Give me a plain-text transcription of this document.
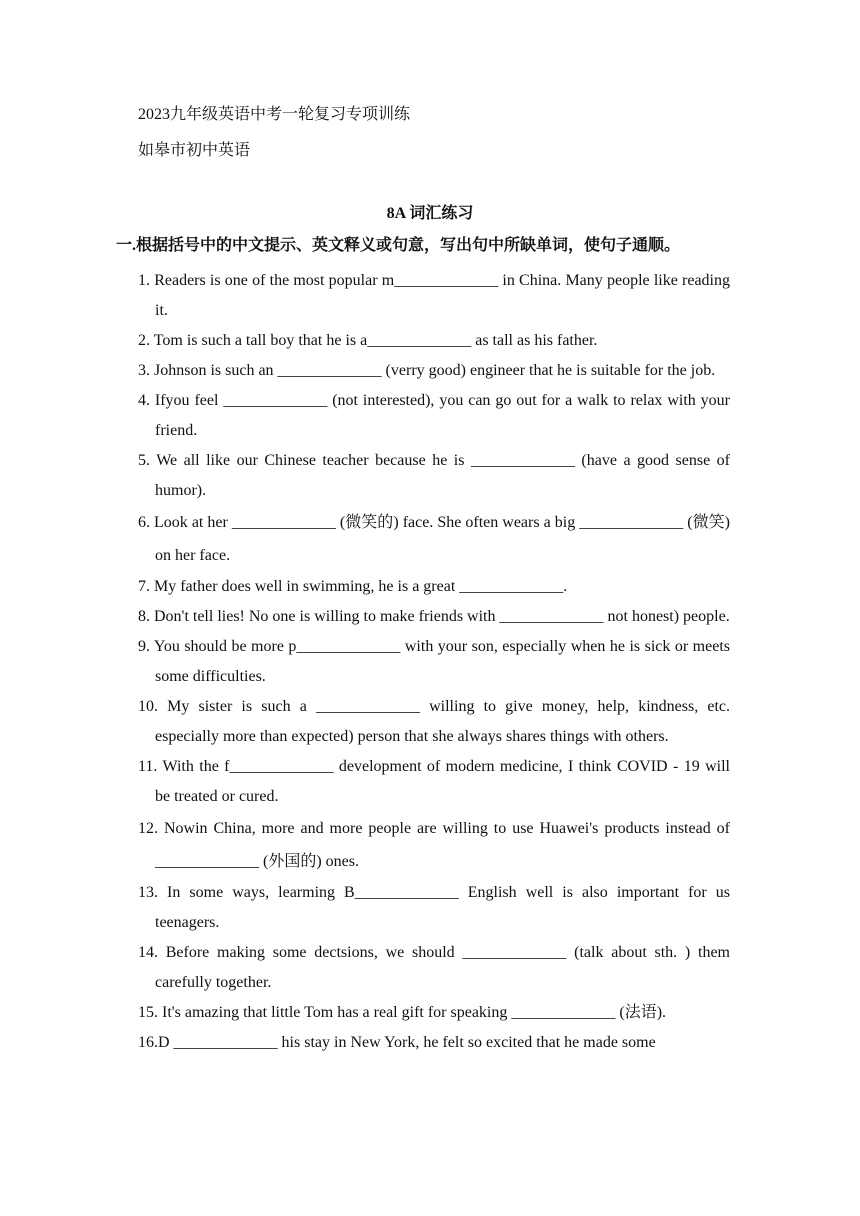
2023九年级英语中考一轮复习专项训练
如皋市初中英语
8A 词汇练习
一.根据括号中的中文提示、英文释义或句意，写出句中所缺单词，使句子通顺。

1. Readers is one of the most popular m_____________ in China. Many people like reading it.

2. Tom is such a tall boy that he is a_____________ as tall as his father.

3. Johnson is such an _____________ (verry good) engineer that he is suitable for the job.

4. Ifyou feel _____________ (not interested), you can go out for a walk to relax with your friend.

5. We all like our Chinese teacher because he is _____________ (have a good sense of humor).

6. Look at her _____________ (微笑的) face. She often wears a big _____________ (微笑) on her face.

7. My father does well in swimming, he is a great _____________.

8. Don't tell lies! No one is willing to make friends with _____________ not honest) people.

9. You should be more p_____________ with your son, especially when he is sick or meets some difficulties.

10. My sister is such a _____________ willing to give money, help, kindness, etc. especially more than expected) person that she always shares things with others.

11. With the f_____________ development of modern medicine, I think COVID - 19 will be treated or cured.

12. Nowin China, more and more people are willing to use Huawei's products instead of _____________ (外国的) ones.

13. In some ways, learming B_____________ English well is also important for us teenagers.

14. Before making some dectsions, we should _____________ (talk about sth. ) them carefully together.

15. It's amazing that little Tom has a real gift for speaking _____________ (法语).

16.D _____________ his stay in New York, he felt so excited that he made some
